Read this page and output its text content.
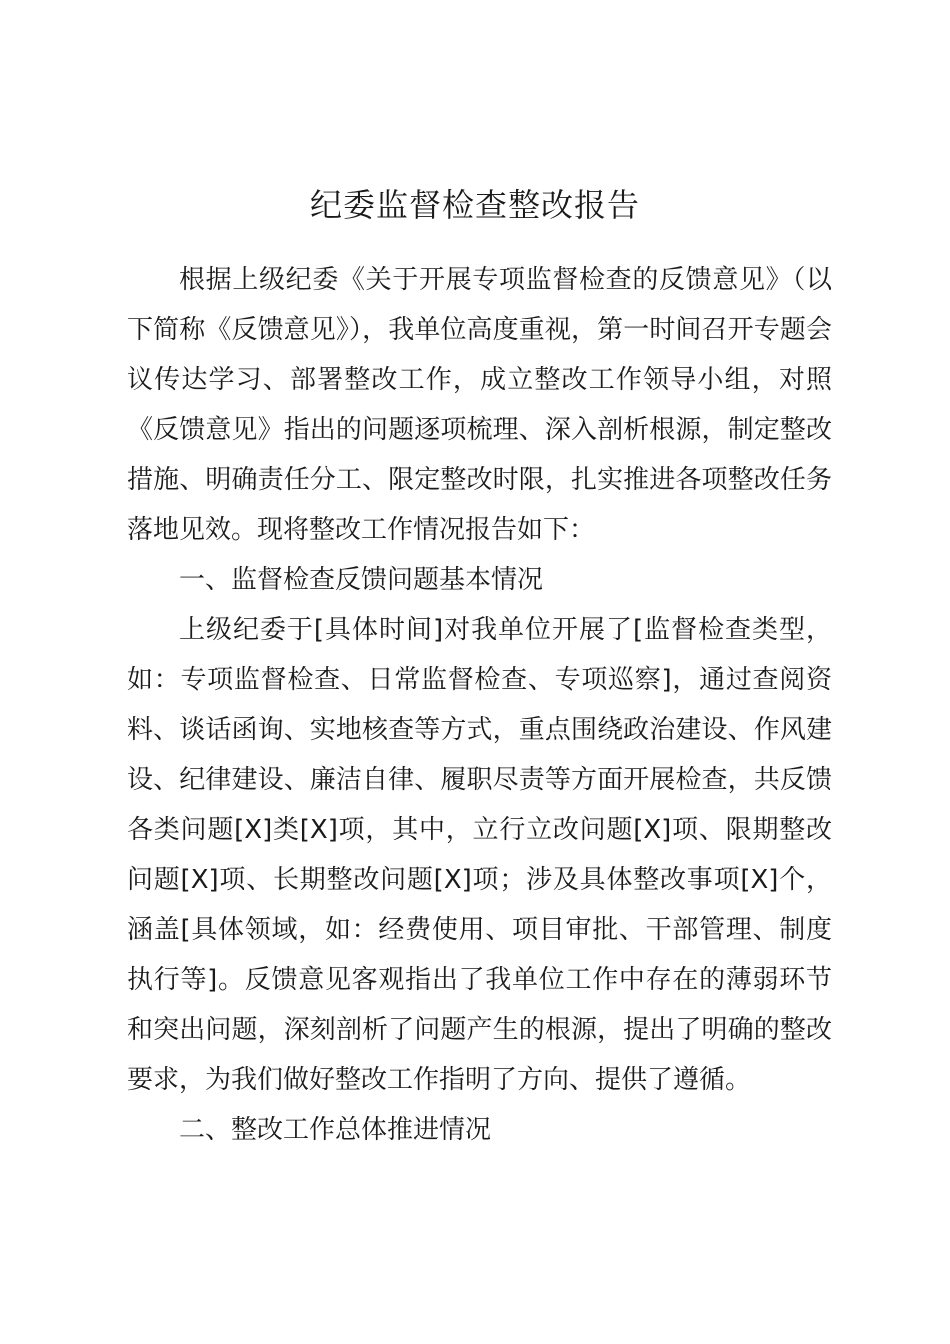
纪委监督检查整改报告

根据上级纪委《关于开展专项监督检查的反馈意见》（以下简称《反馈意见》），我单位高度重视，第一时间召开专题会议传达学习、部署整改工作，成立整改工作领导小组，对照《反馈意见》指出的问题逐项梳理、深入剖析根源，制定整改措施、明确责任分工、限定整改时限，扎实推进各项整改任务落地见效。现将整改工作情况报告如下：

一、监督检查反馈问题基本情况

上级纪委于[具体时间]对我单位开展了[监督检查类型，如：专项监督检查、日常监督检查、专项巡察]，通过查阅资料、谈话函询、实地核查等方式，重点围绕政治建设、作风建设、纪律建设、廉洁自律、履职尽责等方面开展检查，共反馈各类问题[X]类[X]项，其中，立行立改问题[X]项、限期整改问题[X]项、长期整改问题[X]项；涉及具体整改事项[X]个，涵盖[具体领域，如：经费使用、项目审批、干部管理、制度执行等]。反馈意见客观指出了我单位工作中存在的薄弱环节和突出问题，深刻剖析了问题产生的根源，提出了明确的整改要求，为我们做好整改工作指明了方向、提供了遵循。

二、整改工作总体推进情况
